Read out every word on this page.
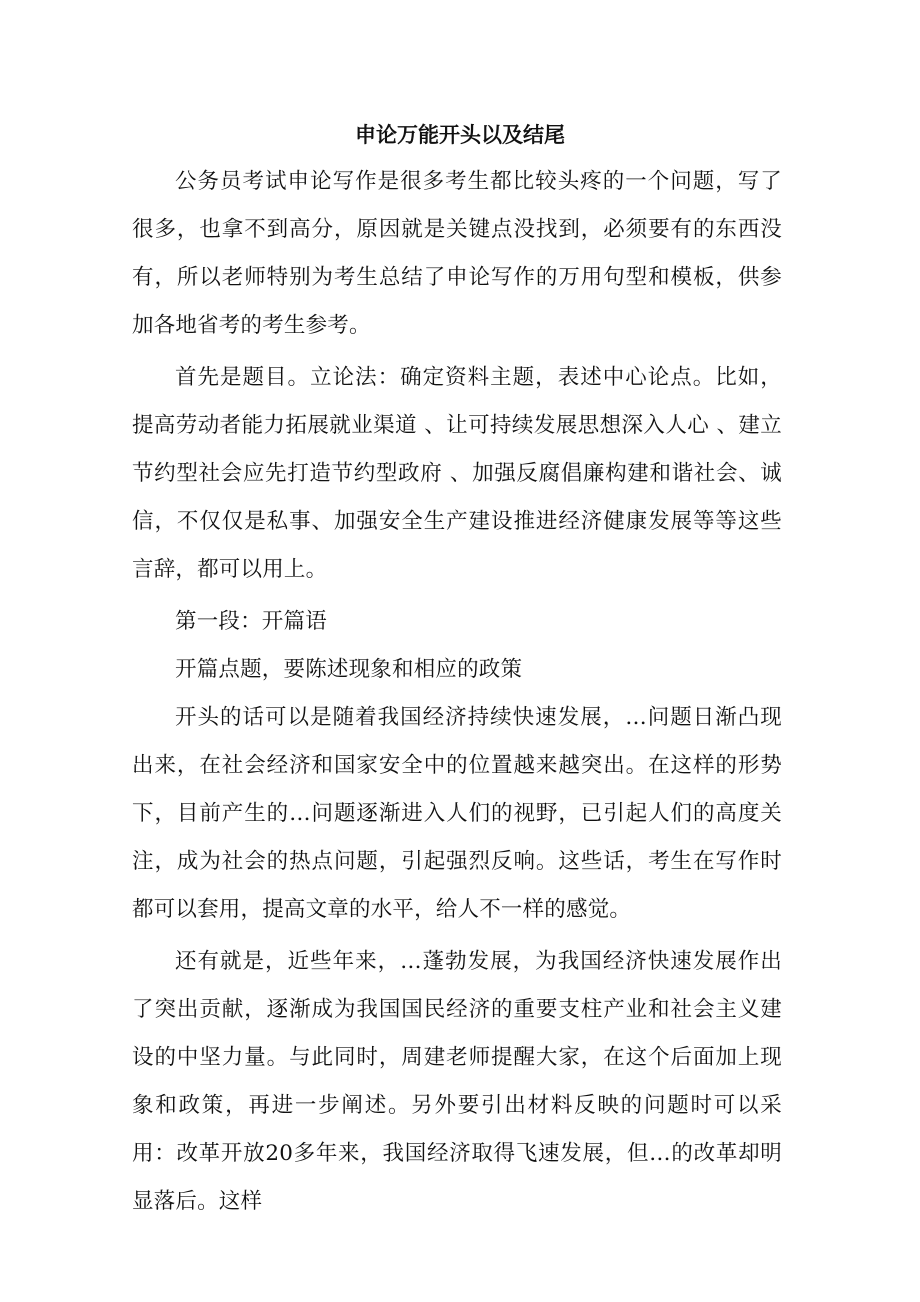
申论万能开头以及结尾

公务员考试申论写作是很多考生都比较头疼的一个问题，写了很多，也拿不到高分，原因就是关键点没找到，必须要有的东西没有，所以老师特别为考生总结了申论写作的万用句型和模板，供参加各地省考的考生参考。

首先是题目。立论法：确定资料主题，表述中心论点。比如，提高劳动者能力拓展就业渠道 、让可持续发展思想深入人心 、建立节约型社会应先打造节约型政府 、加强反腐倡廉构建和谐社会、诚信，不仅仅是私事、加强安全生产建设推进经济健康发展等等这些言辞，都可以用上。

第一段：开篇语

开篇点题，要陈述现象和相应的政策

开头的话可以是随着我国经济持续快速发展，…问题日渐凸现出来，在社会经济和国家安全中的位置越来越突出。在这样的形势下，目前产生的…问题逐渐进入人们的视野，已引起人们的高度关注，成为社会的热点问题，引起强烈反响。这些话，考生在写作时都可以套用，提高文章的水平，给人不一样的感觉。

还有就是，近些年来，…蓬勃发展，为我国经济快速发展作出了突出贡献，逐渐成为我国国民经济的重要支柱产业和社会主义建设的中坚力量。与此同时，周建老师提醒大家，在这个后面加上现象和政策，再进一步阐述。另外要引出材料反映的问题时可以采用：改革开放20多年来，我国经济取得飞速发展，但…的改革却明显落后。这样
